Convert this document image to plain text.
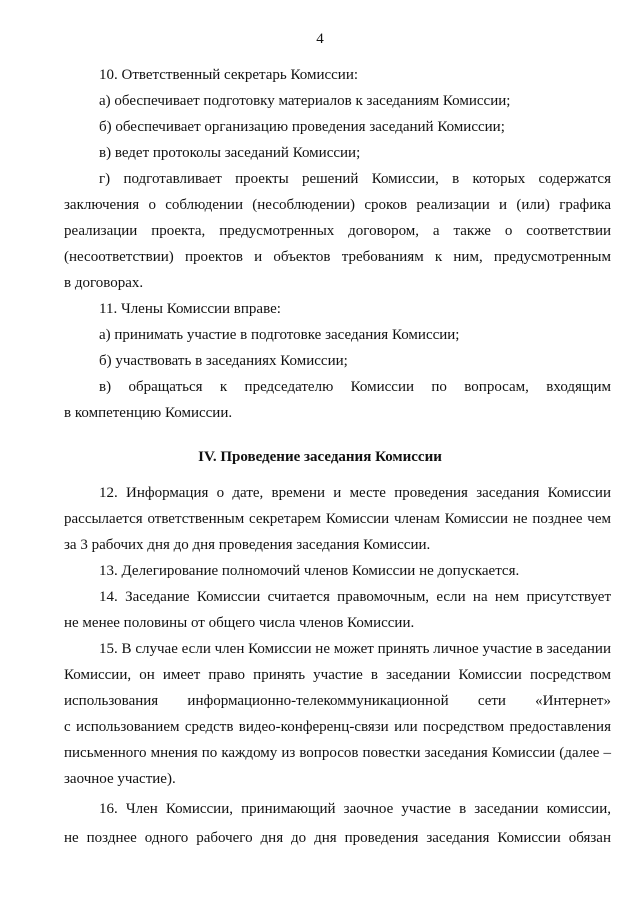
4
10. Ответственный секретарь Комиссии:
а) обеспечивает подготовку материалов к заседаниям Комиссии;
б) обеспечивает организацию проведения заседаний Комиссии;
в) ведет протоколы заседаний Комиссии;
г) подготавливает проекты решений Комиссии, в которых содержатся
заключения о соблюдении (несоблюдении) сроков реализации и (или) графика
реализации проекта, предусмотренных договором, а также о соответствии
(несоответствии) проектов и объектов требованиям к ним, предусмотренным
в договорах.
11. Члены Комиссии вправе:
а) принимать участие в подготовке заседания Комиссии;
б) участвовать в заседаниях Комиссии;
в) обращаться к председателю Комиссии по вопросам, входящим
в компетенцию Комиссии.
IV. Проведение заседания Комиссии
12. Информация о дате, времени и месте проведения заседания Комиссии
рассылается ответственным секретарем Комиссии членам Комиссии не позднее чем
за 3 рабочих дня до дня проведения заседания Комиссии.
13. Делегирование полномочий членов Комиссии не допускается.
14. Заседание Комиссии считается правомочным, если на нем присутствует
не менее половины от общего числа членов Комиссии.
15. В случае если член Комиссии не может принять личное участие в заседании
Комиссии, он имеет право принять участие в заседании Комиссии посредством
использования информационно-телекоммуникационной сети «Интернет»
с использованием средств видео-конференц-связи или посредством предоставления
письменного мнения по каждому из вопросов повестки заседания Комиссии (далее –
заочное участие).
16. Член Комиссии, принимающий заочное участие в заседании комиссии,
не позднее одного рабочего дня до дня проведения заседания Комиссии обязан
